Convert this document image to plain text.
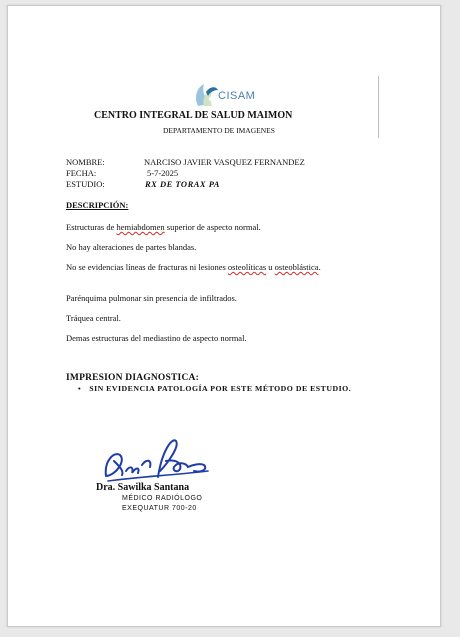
CISAM
CENTRO INTEGRAL DE SALUD MAIMON
DEPARTAMENTO DE IMAGENES
NOMBRE:	NARCISO JAVIER VASQUEZ FERNANDEZ
FECHA:	5-7-2025
ESTUDIO:	RX DE TORAX PA
DESCRIPCIÓN:
Estructuras de hemiabdomen superior de aspecto normal.
No hay alteraciones de partes blandas.
No se evidencias líneas de fracturas ni lesiones osteolíticas u osteoblástica.
Parénquima pulmonar sin presencia de infiltrados.
Tráquea central.
Demas estructuras del mediastino de aspecto normal.
IMPRESION DIAGNOSTICA:
• SIN EVIDENCIA PATOLOGÍA POR ESTE MÉTODO DE ESTUDIO.
Dra. Sawilka Santana
MÉDICO RADIÓLOGO
EXEQUATUR 700-20
